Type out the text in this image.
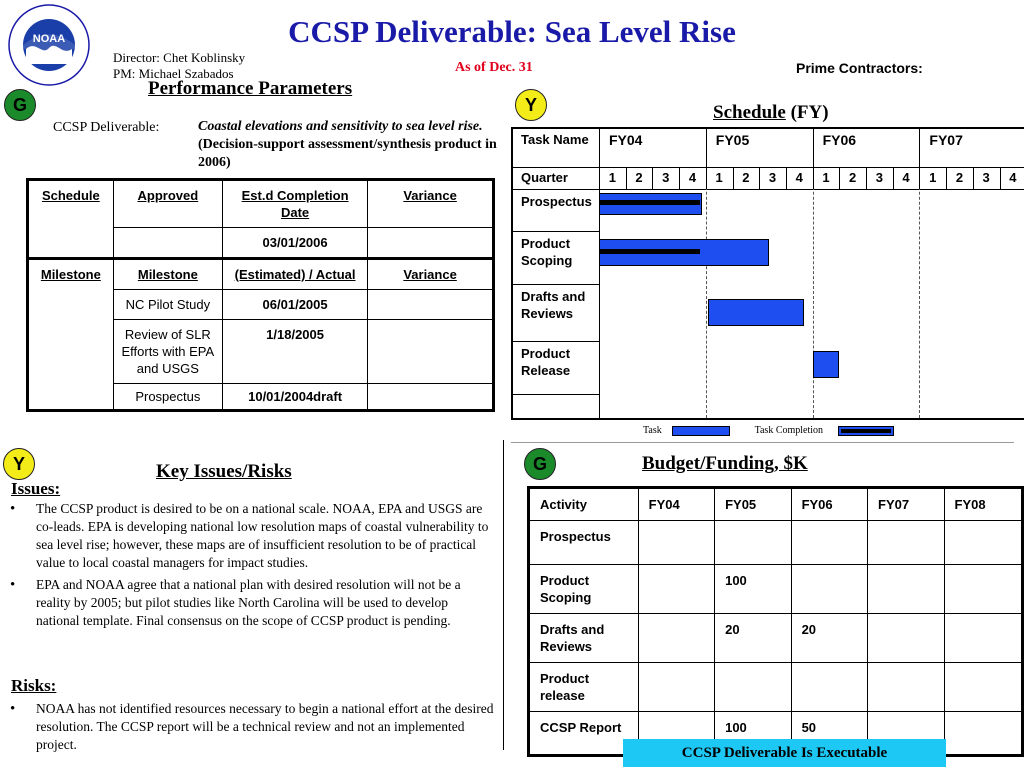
NOAA	CCSP Deliverable: Sea Level Rise
Director: Chet Koblinsky
PM: Michael Szabados	As of Dec. 31	Prime Contractors:
Performance Parameters
G
CCSP Deliverable:	Coastal elevations and sensitivity to sea level rise. (Decision-support assessment/synthesis product in 2006)
Schedule	Approved	Est.d Completion Date	Variance
		03/01/2006	
Milestone	Milestone	(Estimated) / Actual	Variance
	NC Pilot Study	06/01/2005	
	Review of SLR Efforts with EPA and USGS	1/18/2005	
	Prospectus	10/01/2004draft	
Y	Schedule (FY)
Task Name FY04	FY05	FY06	FY07
Quarter	1	2	3	4	1	2	3	4	1	2	3	4	1	2	3	4
Prospectus
Product Scoping
Drafts and Reviews
Product Release
Task	Task Completion
Y	Key Issues/Risks
Issues:
• The CCSP product is desired to be on a national scale. NOAA, EPA and USGS are co-leads. EPA is developing national low resolution maps of coastal vulnerability to sea level rise; however, these maps are of insufficient resolution to be of practical value to local coastal managers for impact studies.
• EPA and NOAA agree that a national plan with desired resolution will not be a reality by 2005; but pilot studies like North Carolina will be used to develop national template. Final consensus on the scope of CCSP product is pending.
Risks:
• NOAA has not identified resources necessary to begin a national effort at the desired resolution. The CCSP report will be a technical review and not an implemented project.
G	Budget/Funding, $K
Activity	FY04	FY05	FY06	FY07	FY08
Prospectus					
Product Scoping		100			
Drafts and Reviews		20	20		
Product release					
CCSP Report		100	50		
CCSP Deliverable Is Executable
